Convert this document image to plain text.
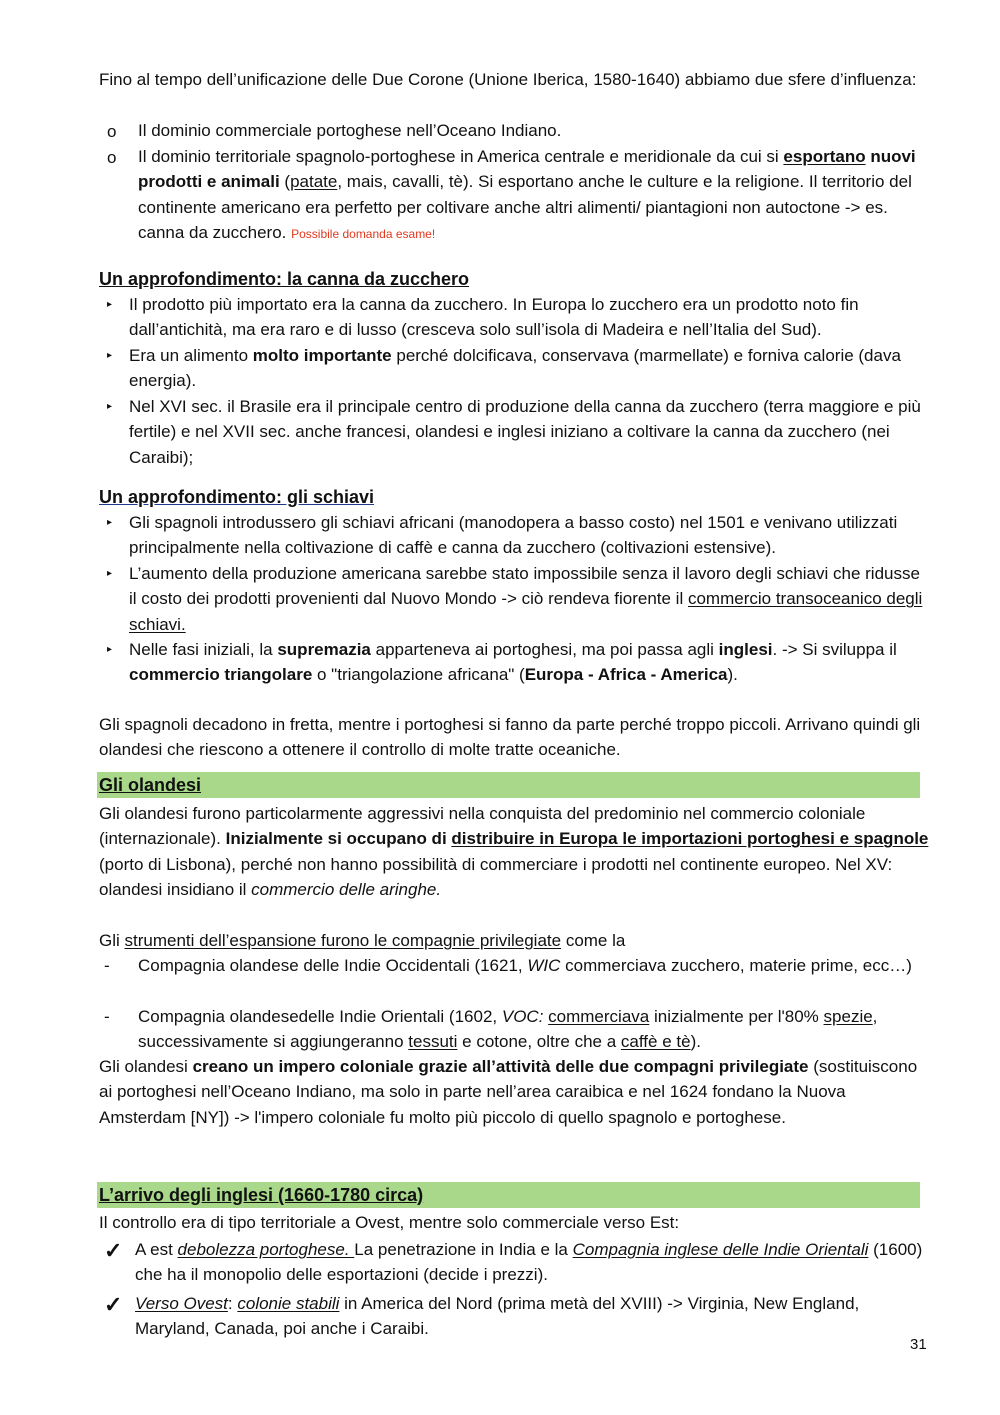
Fino al tempo dell’unificazione delle Due Corone (Unione Iberica, 1580-1640) abbiamo due sfere d’influenza:

o Il dominio commerciale portoghese nell’Oceano Indiano.

o Il dominio territoriale spagnolo-portoghese in America centrale e meridionale da cui si esportano nuovi prodotti e animali (patate, mais, cavalli, tè). Si esportano anche le culture e la religione. Il territorio del continente americano era perfetto per coltivare anche altri alimenti/ piantagioni non autoctone -> es. canna da zucchero. Possibile domanda esame!

Un approfondimento: la canna da zucchero

▸ Il prodotto più importato era la canna da zucchero. In Europa lo zucchero era un prodotto noto fin dall’antichità, ma era raro e di lusso (cresceva solo sull’isola di Madeira e nell’Italia del Sud).

▸ Era un alimento molto importante perché dolcificava, conservava (marmellate) e forniva calorie (dava energia).

▸ Nel XVI sec. il Brasile era il principale centro di produzione della canna da zucchero (terra maggiore e più fertile) e nel XVII sec. anche francesi, olandesi e inglesi iniziano a coltivare la canna da zucchero (nei Caraibi);

Un approfondimento: gli schiavi

▸ Gli spagnoli introdussero gli schiavi africani (manodopera a basso costo) nel 1501 e venivano utilizzati principalmente nella coltivazione di caffè e canna da zucchero (coltivazioni estensive).

▸ L’aumento della produzione americana sarebbe stato impossibile senza il lavoro degli schiavi che ridusse il costo dei prodotti provenienti dal Nuovo Mondo -> ciò rendeva fiorente il commercio transoceanico degli schiavi.

▸ Nelle fasi iniziali, la supremazia apparteneva ai portoghesi, ma poi passa agli inglesi. -> Si sviluppa il commercio triangolare o "triangolazione africana" (Europa - Africa - America).

Gli spagnoli decadono in fretta, mentre i portoghesi si fanno da parte perché troppo piccoli. Arrivano quindi gli olandesi che riescono a ottenere il controllo di molte tratte oceaniche.

Gli olandesi

Gli olandesi furono particolarmente aggressivi nella conquista del predominio nel commercio coloniale (internazionale). Inizialmente si occupano di distribuire in Europa le importazioni portoghesi e spagnole (porto di Lisbona), perché non hanno possibilità di commerciare i prodotti nel continente europeo. Nel XV: olandesi insidiano il commercio delle aringhe.

Gli strumenti dell’espansione furono le compagnie privilegiate come la

- Compagnia olandese delle Indie Occidentali (1621, WIC commerciava zucchero, materie prime, ecc…)

- Compagnia olandesedelle Indie Orientali (1602, VOC: commerciava inizialmente per l'80% spezie, successivamente si aggiungeranno tessuti e cotone, oltre che a caffè e tè).

Gli olandesi creano un impero coloniale grazie all’attività delle due compagni privilegiate (sostituiscono ai portoghesi nell’Oceano Indiano, ma solo in parte nell’area caraibica e nel 1624 fondano la Nuova Amsterdam [NY]) -> l'impero coloniale fu molto più piccolo di quello spagnolo e portoghese.

L’arrivo degli inglesi (1660-1780 circa)

Il controllo era di tipo territoriale a Ovest, mentre solo commerciale verso Est:

✓ A est debolezza portoghese. La penetrazione in India e la Compagnia inglese delle Indie Orientali (1600) che ha il monopolio delle esportazioni (decide i prezzi).

✓ Verso Ovest: colonie stabili in America del Nord (prima metà del XVIII) -> Virginia, New England, Maryland, Canada, poi anche i Caraibi.

31
